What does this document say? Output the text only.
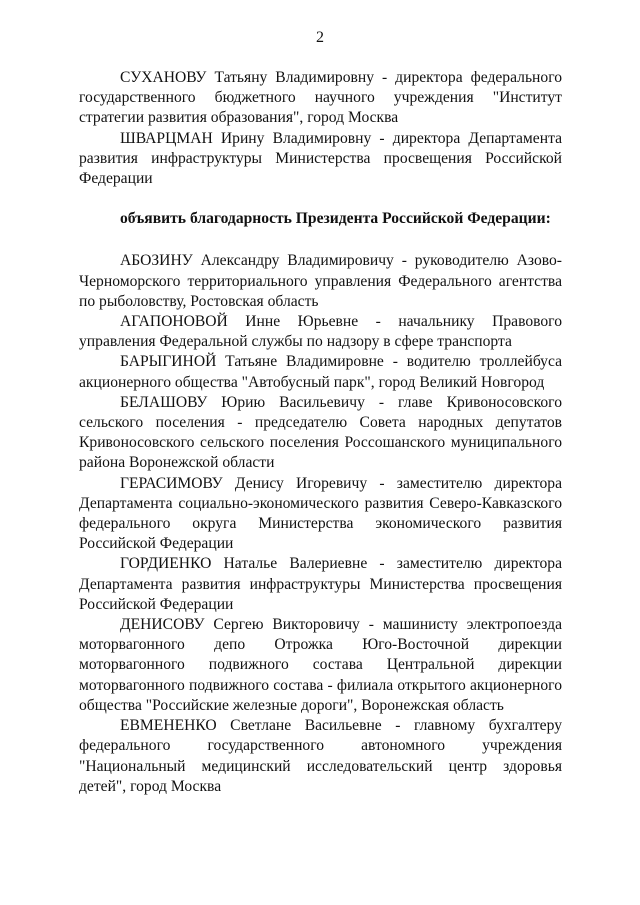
2

СУХАНОВУ Татьяну Владимировну - директора федерального государственного бюджетного научного учреждения "Институт стратегии развития образования", город Москва

ШВАРЦМАН Ирину Владимировну - директора Департамента развития инфраструктуры Министерства просвещения Российской Федерации

объявить благодарность Президента Российской Федерации:

АБОЗИНУ Александру Владимировичу - руководителю Азово-Черноморского территориального управления Федерального агентства по рыболовству, Ростовская область

АГАПОНОВОЙ Инне Юрьевне - начальнику Правового управления Федеральной службы по надзору в сфере транспорта

БАРЫГИНОЙ Татьяне Владимировне - водителю троллейбуса акционерного общества "Автобусный парк", город Великий Новгород

БЕЛАШОВУ Юрию Васильевичу - главе Кривоносовского сельского поселения - председателю Совета народных депутатов Кривоносовского сельского поселения Россошанского муниципального района Воронежской области

ГЕРАСИМОВУ Денису Игоревичу - заместителю директора Департамента социально-экономического развития Северо-Кавказского федерального округа Министерства экономического развития Российской Федерации

ГОРДИЕНКО Наталье Валериевне - заместителю директора Департамента развития инфраструктуры Министерства просвещения Российской Федерации

ДЕНИСОВУ Сергею Викторовичу - машинисту электропоезда моторвагонного депо Отрожка Юго-Восточной дирекции моторвагонного подвижного состава Центральной дирекции моторвагонного подвижного состава - филиала открытого акционерного общества "Российские железные дороги", Воронежская область

ЕВМЕНЕНКО Светлане Васильевне - главному бухгалтеру федерального государственного автономного учреждения "Национальный медицинский исследовательский центр здоровья детей", город Москва
